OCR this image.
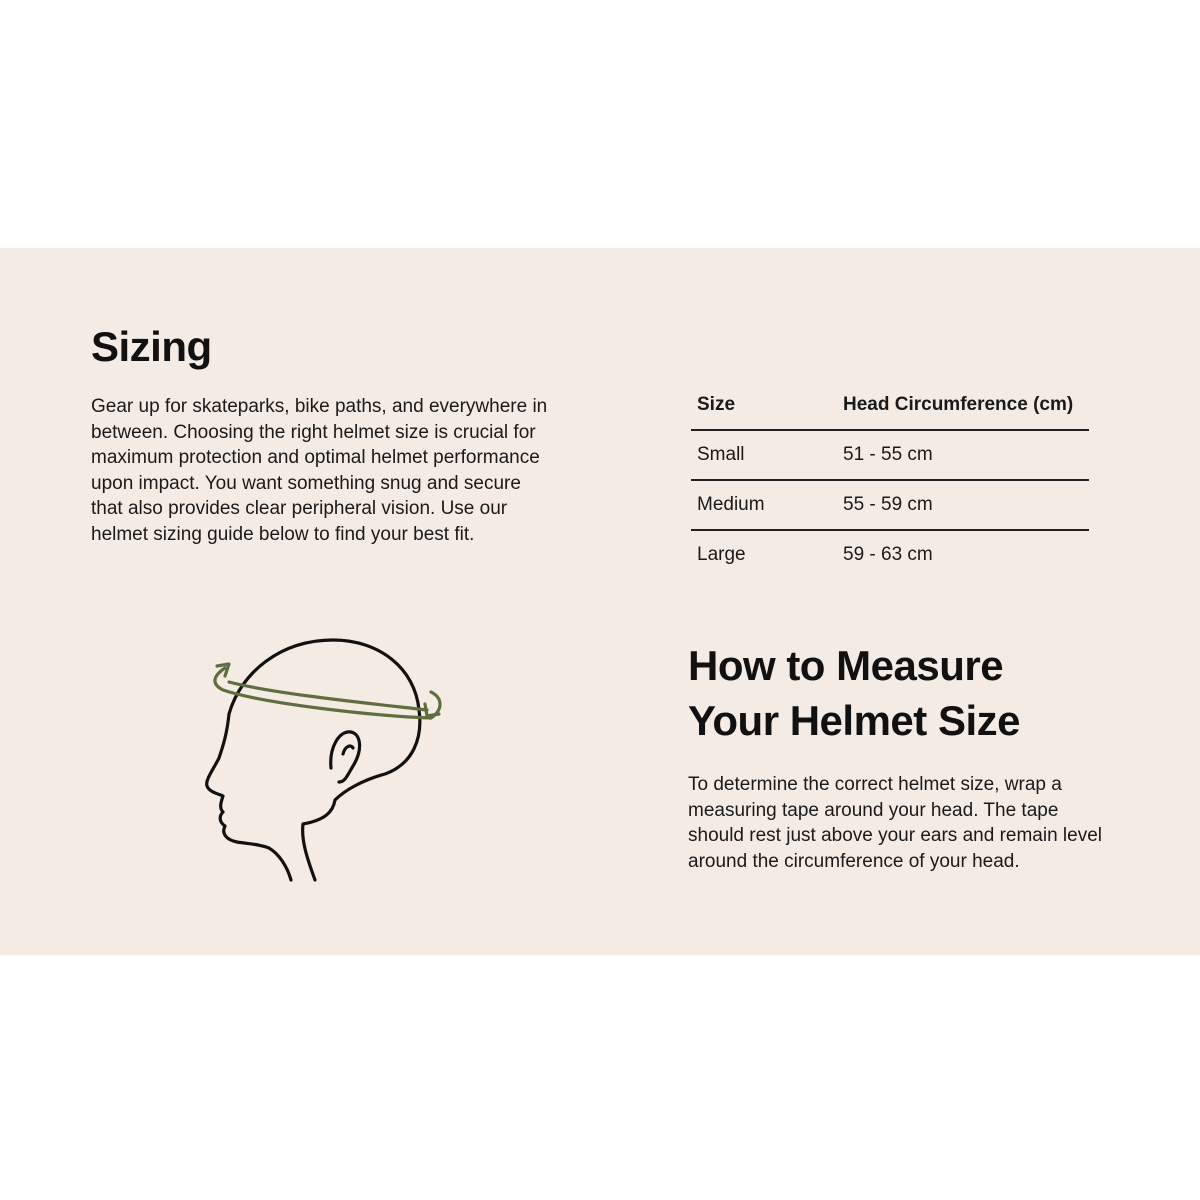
Sizing

Gear up for skateparks, bike paths, and everywhere in between. Choosing the right helmet size is crucial for maximum protection and optimal helmet performance upon impact. You want something snug and secure that also provides clear peripheral vision. Use our helmet sizing guide below to find your best fit.

Size	Head Circumference (cm)
Small	51 - 55 cm
Medium	55 - 59 cm
Large	59 - 63 cm
How to Measure
Your Helmet Size

To determine the correct helmet size, wrap a measuring tape around your head. The tape should rest just above your ears and remain level around the circumference of your head.
